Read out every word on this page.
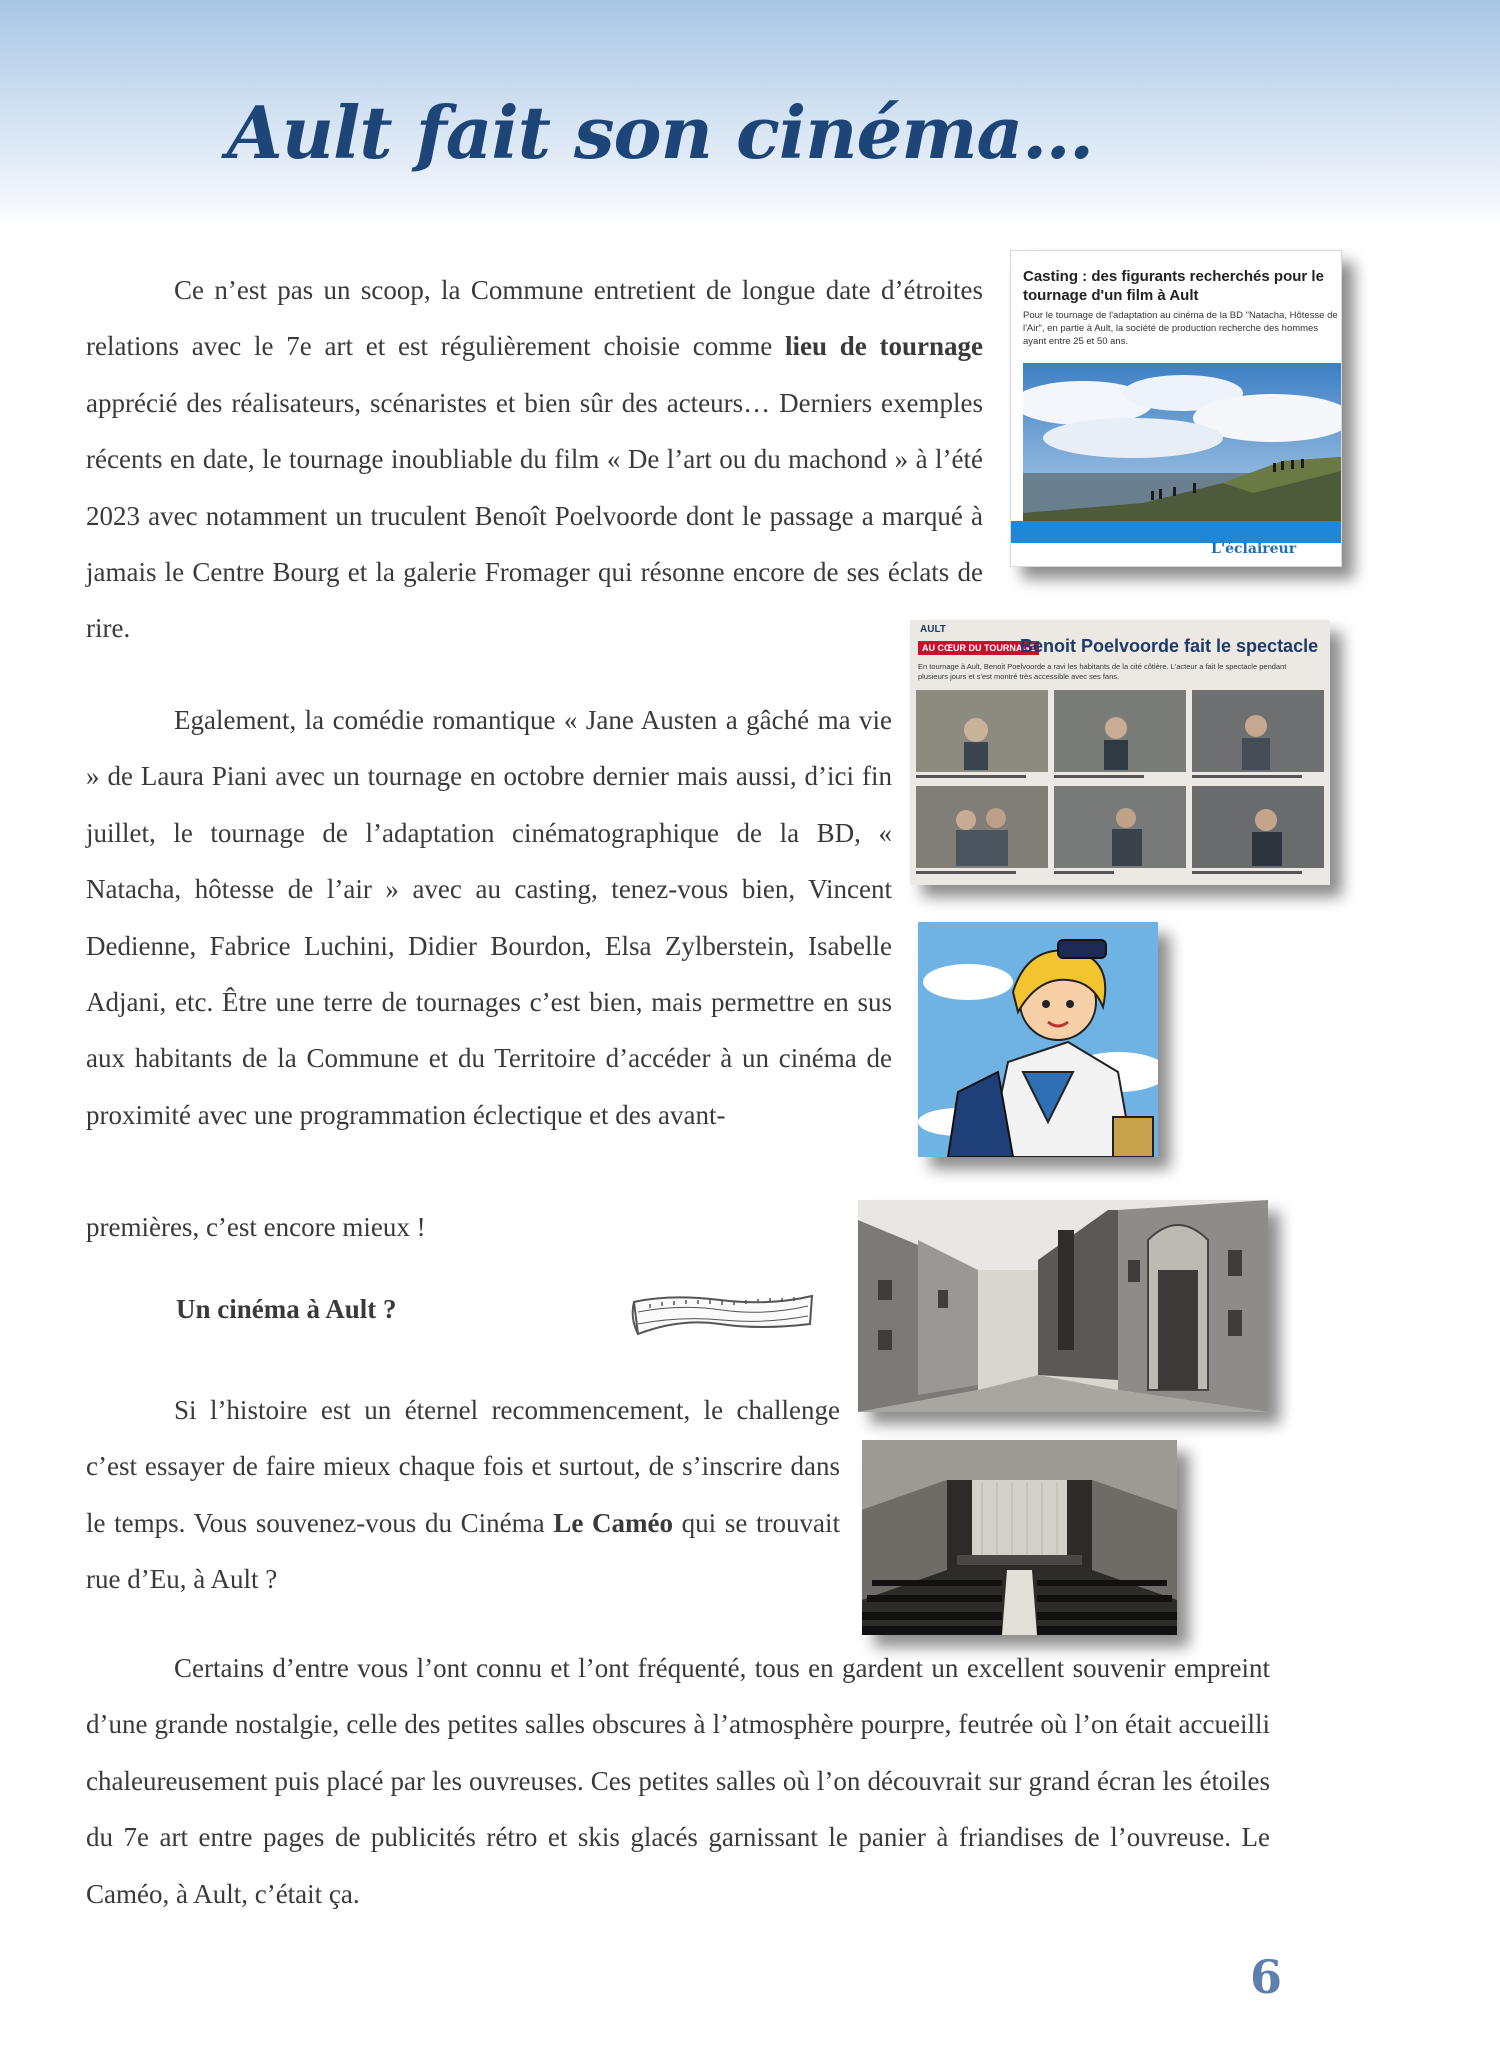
Ault fait son cinéma…

Ce n’est pas un scoop, la Commune entretient de longue date d’étroites relations avec le 7e art et est régulièrement choisie comme lieu de tournage apprécié des réalisateurs, scénaristes et bien sûr des acteurs… Derniers exemples récents en date, le tournage inoubliable du film « De l’art ou du machond » à l’été 2023 avec notamment un truculent Benoît Poelvoorde dont le passage a marqué à jamais le Centre Bourg et la galerie Fromager qui résonne encore de ses éclats de rire.

Egalement, la comédie romantique « Jane Austen a gâché ma vie » de Laura Piani avec un tournage en octobre dernier mais aussi, d’ici fin juillet, le tournage de l’adaptation cinématographique de la BD, « Natacha, hôtesse de l’air » avec au casting, tenez-vous bien, Vincent Dedienne, Fabrice Luchini, Didier Bourdon, Elsa Zylberstein, Isabelle Adjani, etc. Être une terre de tournages c’est bien, mais permettre en sus aux habitants de la Commune et du Territoire d’accéder à un cinéma de proximité avec une programmation éclectique et des avant-

premières, c’est encore mieux !

Un cinéma à Ault ?

Si l’histoire est un éternel recommencement, le challenge c’est essayer de faire mieux chaque fois et surtout, de s’inscrire dans le temps. Vous souvenez-vous du Cinéma Le Caméo qui se trouvait rue d’Eu, à Ault ?

Certains d’entre vous l’ont connu et l’ont fréquenté, tous en gardent un excellent souvenir empreint d’une grande nostalgie, celle des petites salles obscures à l’atmosphère pourpre, feutrée où l’on était accueilli chaleureusement puis placé par les ouvreuses. Ces petites salles où l’on découvrait sur grand écran les étoiles du 7e art entre pages de publicités rétro et skis glacés garnissant le panier à friandises de l’ouvreuse. Le Caméo, à Ault, c’était ça.

Casting : des figurants recherchés pour le tournage d'un film à Ault
Pour le tournage de l'adaptation au cinéma de la BD "Natacha, Hôtesse de l'Air", en partie à Ault, la société de production recherche des hommes ayant entre 25 et 50 ans.
L'éclaireur
AULT
AU CŒUR DU TOURNAGE
Benoit Poelvoorde fait le spectacle
En tournage à Ault, Benoit Poelvoorde a ravi les habitants de la cité côtière. L'acteur a fait le spectacle pendant plusieurs jours et s'est montré très accessible avec ses fans.
6
